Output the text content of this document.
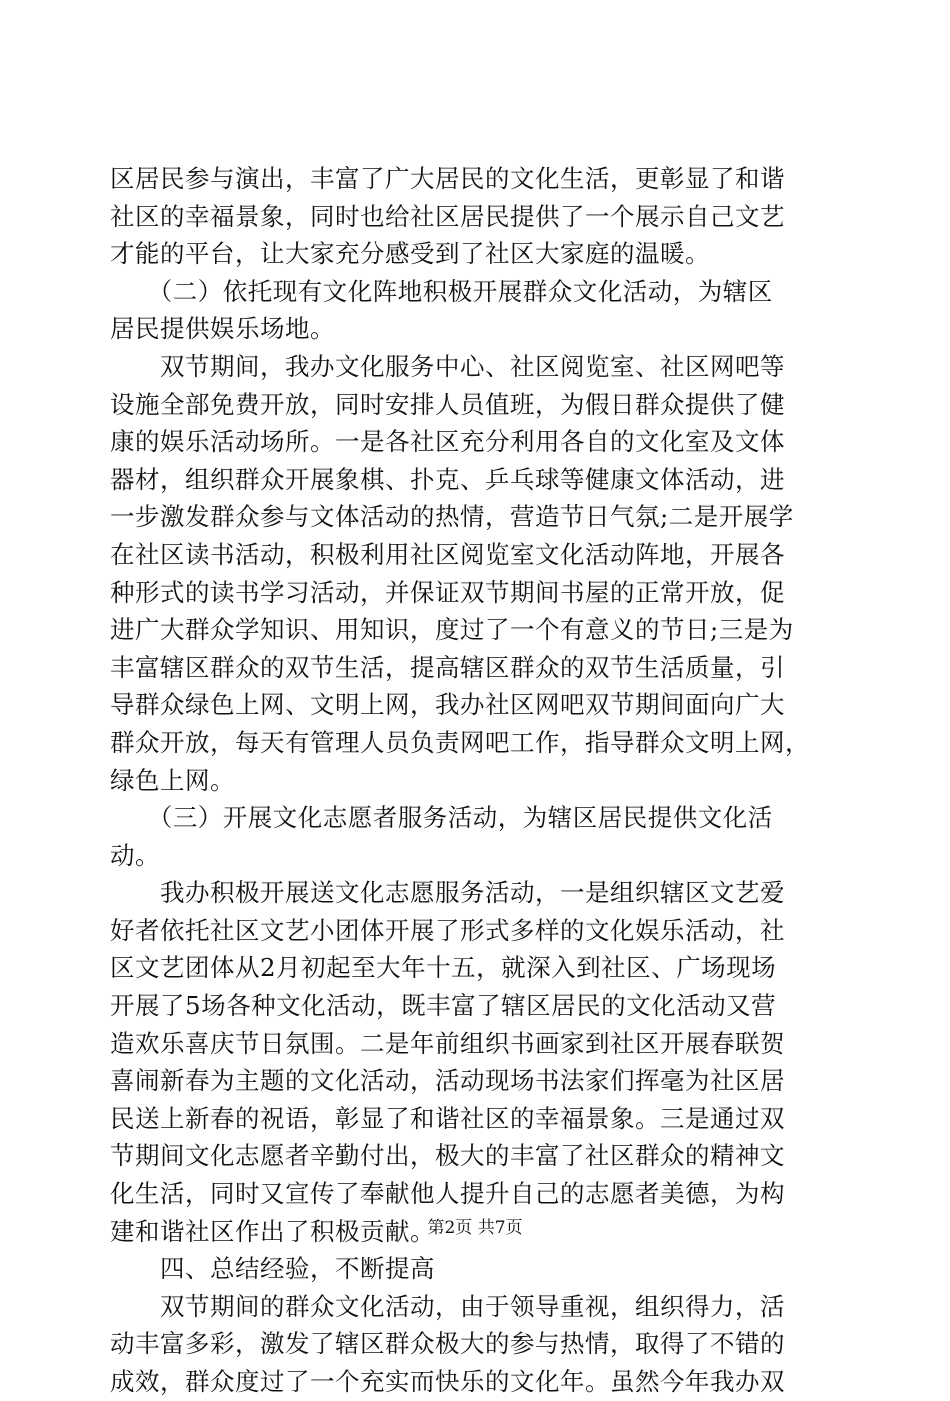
区居民参与演出，丰富了广大居民的文化生活，更彰显了和谐
社区的幸福景象，同时也给社区居民提供了一个展示自己文艺
才能的平台，让大家充分感受到了社区大家庭的温暖。
　　（二）依托现有文化阵地积极开展群众文化活动，为辖区
居民提供娱乐场地。
　　双节期间，我办文化服务中心、社区阅览室、社区网吧等
设施全部免费开放，同时安排人员值班，为假日群众提供了健
康的娱乐活动场所。一是各社区充分利用各自的文化室及文体
器材，组织群众开展象棋、扑克、乒乓球等健康文体活动，进
一步激发群众参与文体活动的热情，营造节日气氛;二是开展学
在社区读书活动，积极利用社区阅览室文化活动阵地，开展各
种形式的读书学习活动，并保证双节期间书屋的正常开放，促
进广大群众学知识、用知识，度过了一个有意义的节日;三是为
丰富辖区群众的双节生活，提高辖区群众的双节生活质量，引
导群众绿色上网、文明上网，我办社区网吧双节期间面向广大
群众开放，每天有管理人员负责网吧工作，指导群众文明上网，
绿色上网。
　　（三）开展文化志愿者服务活动，为辖区居民提供文化活
动。
　　我办积极开展送文化志愿服务活动，一是组织辖区文艺爱
好者依托社区文艺小团体开展了形式多样的文化娱乐活动，社
区文艺团体从2月初起至大年十五，就深入到社区、广场现场
开展了5场各种文化活动，既丰富了辖区居民的文化活动又营
造欢乐喜庆节日氛围。二是年前组织书画家到社区开展春联贺
喜闹新春为主题的文化活动，活动现场书法家们挥毫为社区居
民送上新春的祝语，彰显了和谐社区的幸福景象。三是通过双
节期间文化志愿者辛勤付出，极大的丰富了社区群众的精神文
化生活，同时又宣传了奉献他人提升自己的志愿者美德，为构
建和谐社区作出了积极贡献。
　　四、总结经验，不断提高
　　双节期间的群众文化活动，由于领导重视，组织得力，活
动丰富多彩，激发了辖区群众极大的参与热情，取得了不错的
成效，群众度过了一个充实而快乐的文化年。虽然今年我办双
第2页 共7页
